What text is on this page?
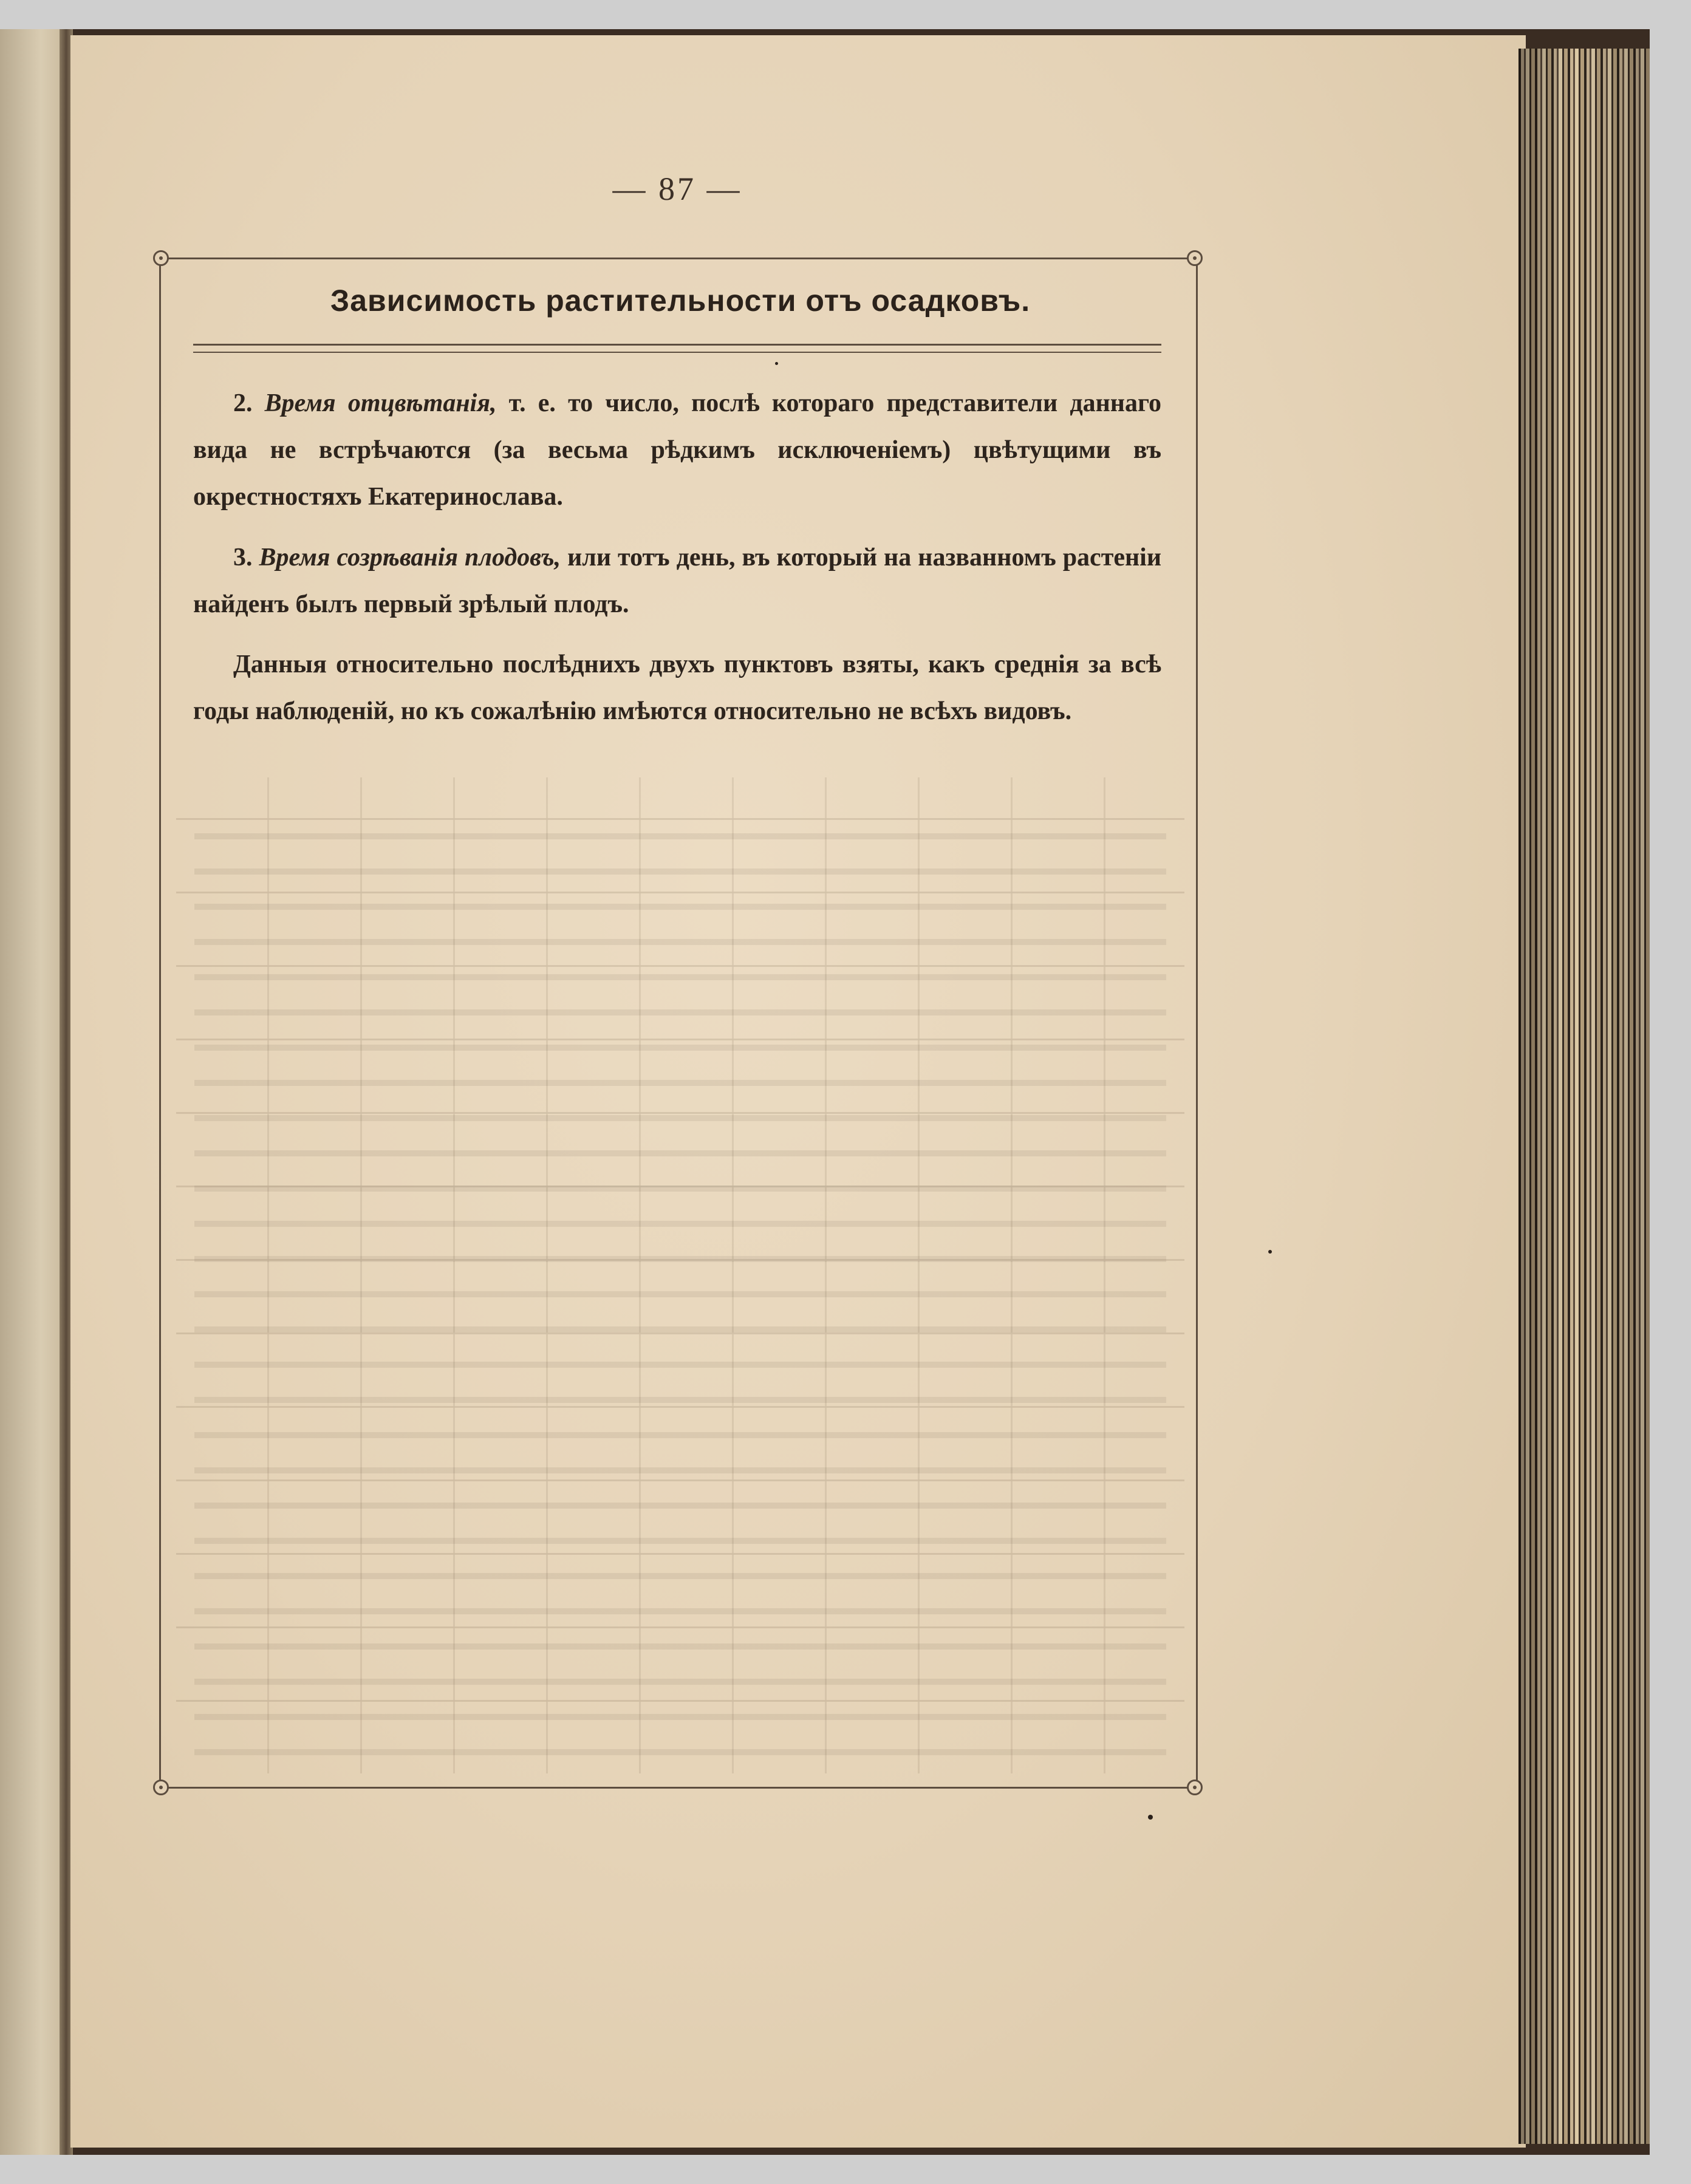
— 87 —
Зависимость растительности отъ осадковъ.

2. Время отцвѣтанія, т. е. то число, послѣ котораго представители даннаго вида не встрѣчаются (за весьма рѣдкимъ исключеніемъ) цвѣтущими въ окрестностяхъ Екатеринослава.

3. Время созрѣванія плодовъ, или тотъ день, въ который на названномъ растеніи найденъ былъ первый зрѣлый плодъ.

Данныя относительно послѣднихъ двухъ пунктовъ взяты, какъ среднія за всѣ годы наблюденій, но къ сожалѣнію имѣются относительно не всѣхъ видовъ.
